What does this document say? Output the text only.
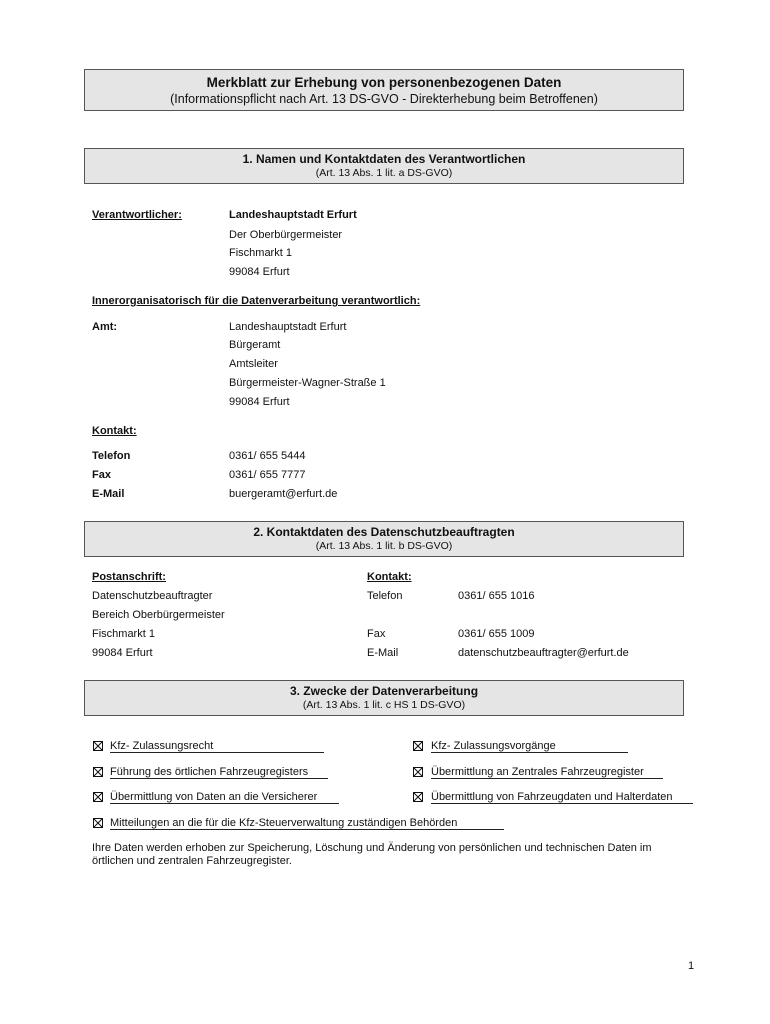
Merkblatt zur Erhebung von personenbezogenen Daten
(Informationspflicht nach Art. 13 DS-GVO - Direkterhebung beim Betroffenen)
1. Namen und Kontaktdaten des Verantwortlichen
(Art. 13 Abs. 1 lit. a DS-GVO)
Verantwortlicher:	Landeshauptstadt Erfurt
Der Oberbürgermeister
Fischmarkt 1
99084 Erfurt
Innerorganisatorisch für die Datenverarbeitung verantwortlich:
Amt:	Landeshauptstadt Erfurt
Bürgeramt
Amtsleiter
Bürgermeister-Wagner-Straße 1
99084 Erfurt
Kontakt:
Telefon	0361/ 655 5444
Fax	0361/ 655 7777
E-Mail	buergeramt@erfurt.de
2. Kontaktdaten des Datenschutzbeauftragten
(Art. 13 Abs. 1 lit. b DS-GVO)
Postanschrift:
Datenschutzbeauftragter
Bereich Oberbürgermeister
Fischmarkt 1
99084 Erfurt
Kontakt:
Telefon	0361/ 655 1016
Fax	0361/ 655 1009
E-Mail	datenschutzbeauftragter@erfurt.de
3. Zwecke der Datenverarbeitung
(Art. 13 Abs. 1 lit. c HS 1 DS-GVO)
Kfz- Zulassungsrecht	Kfz- Zulassungsvorgänge
Führung des örtlichen Fahrzeugregisters	Übermittlung an Zentrales Fahrzeugregister
Übermittlung von Daten an die Versicherer	Übermittlung von Fahrzeugdaten und Halterdaten
Mitteilungen an die für die Kfz-Steuerverwaltung zuständigen Behörden
Ihre Daten werden erhoben zur Speicherung, Löschung und Änderung von persönlichen und technischen Daten im örtlichen und zentralen Fahrzeugregister.
1
